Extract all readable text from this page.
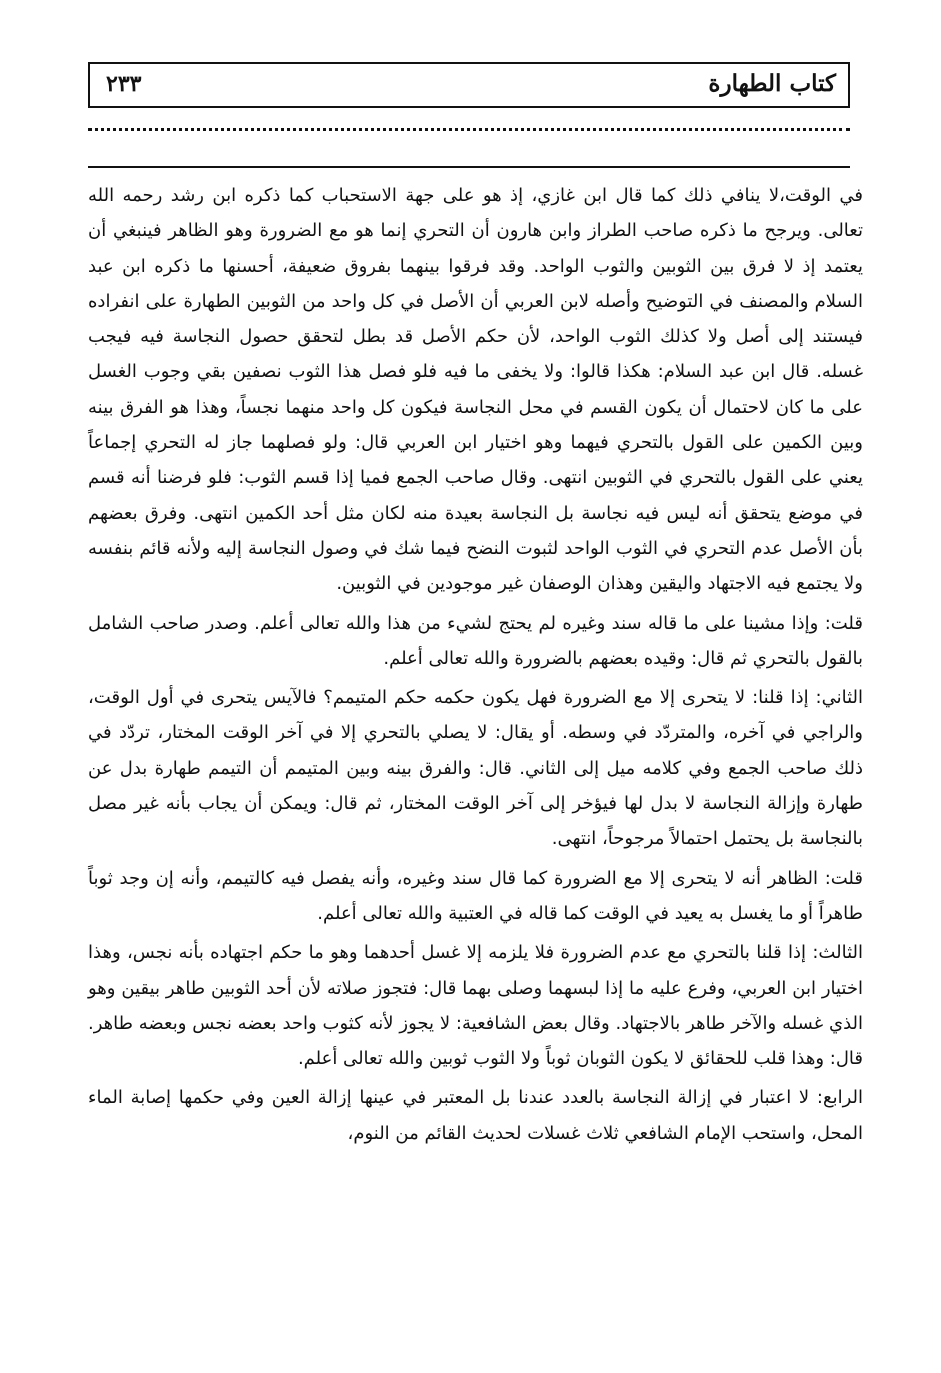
كتاب الطهارة
٢٣٣

في الوقت،لا ينافي ذلك كما قال ابن غازي، إذ هو على جهة الاستحباب كما ذكره ابن رشد رحمه الله تعالى. ويرجح ما ذكره صاحب الطراز وابن هارون أن التحري إنما هو مع الضرورة وهو الظاهر فينبغي أن يعتمد إذ لا فرق بين الثوبين والثوب الواحد. وقد فرقوا بينهما بفروق ضعيفة، أحسنها ما ذكره ابن عبد السلام والمصنف في التوضيح وأصله لابن العربي أن الأصل في كل واحد من الثوبين الطهارة على انفراده فيستند إلى أصل ولا كذلك الثوب الواحد، لأن حكم الأصل قد بطل لتحقق حصول النجاسة فيه فيجب غسله. قال ابن عبد السلام: هكذا قالوا: ولا يخفى ما فيه فلو فصل هذا الثوب نصفين بقي وجوب الغسل على ما كان لاحتمال أن يكون القسم في محل النجاسة فيكون كل واحد منهما نجساً، وهذا هو الفرق بينه وبين الكمين على القول بالتحري فيهما وهو اختيار ابن العربي قال: ولو فصلهما جاز له التحري إجماعاً يعني على القول بالتحري في الثوبين انتهى. وقال صاحب الجمع فميا إذا قسم الثوب: فلو فرضنا أنه قسم في موضع يتحقق أنه ليس فيه نجاسة بل النجاسة بعيدة منه لكان مثل أحد الكمين انتهى. وفرق بعضهم بأن الأصل عدم التحري في الثوب الواحد لثبوت النضح فيما شك في وصول النجاسة إليه ولأنه قائم بنفسه ولا يجتمع فيه الاجتهاد واليقين وهذان الوصفان غير موجودين في الثوبين.

قلت: وإذا مشينا على ما قاله سند وغيره لم يحتج لشيء من هذا والله تعالى أعلم. وصدر صاحب الشامل بالقول بالتحري ثم قال: وقيده بعضهم بالضرورة والله تعالى أعلم.

الثاني: إذا قلنا: لا يتحرى إلا مع الضرورة فهل يكون حكمه حكم المتيمم؟ فالآيس يتحرى في أول الوقت، والراجي في آخره، والمتردّد في وسطه. أو يقال: لا يصلي بالتحري إلا في آخر الوقت المختار، تردّد في ذلك صاحب الجمع وفي كلامه ميل إلى الثاني. قال: والفرق بينه وبين المتيمم أن التيمم طهارة بدل عن طهارة وإزالة النجاسة لا بدل لها فيؤخر إلى آخر الوقت المختار، ثم قال: ويمكن أن يجاب بأنه غير مصل بالنجاسة بل يحتمل احتمالاً مرجوحاً، انتهى.

قلت: الظاهر أنه لا يتحرى إلا مع الضرورة كما قال سند وغيره، وأنه يفصل فيه كالتيمم، وأنه إن وجد ثوباً طاهراً أو ما يغسل به يعيد في الوقت كما قاله في العتبية والله تعالى أعلم.

الثالث: إذا قلنا بالتحري مع عدم الضرورة فلا يلزمه إلا غسل أحدهما وهو ما حكم اجتهاده بأنه نجس، وهذا اختيار ابن العربي، وفرع عليه ما إذا لبسهما وصلى بهما قال: فتجوز صلاته لأن أحد الثوبين طاهر بيقين وهو الذي غسله والآخر طاهر بالاجتهاد. وقال بعض الشافعية: لا يجوز لأنه كثوب واحد بعضه نجس وبعضه طاهر. قال: وهذا قلب للحقائق لا يكون الثوبان ثوباً ولا الثوب ثوبين والله تعالى أعلم.

الرابع: لا اعتبار في إزالة النجاسة بالعدد عندنا بل المعتبر في عينها إزالة العين وفي حكمها إصابة الماء المحل، واستحب الإمام الشافعي ثلاث غسلات لحديث القائم من النوم،
